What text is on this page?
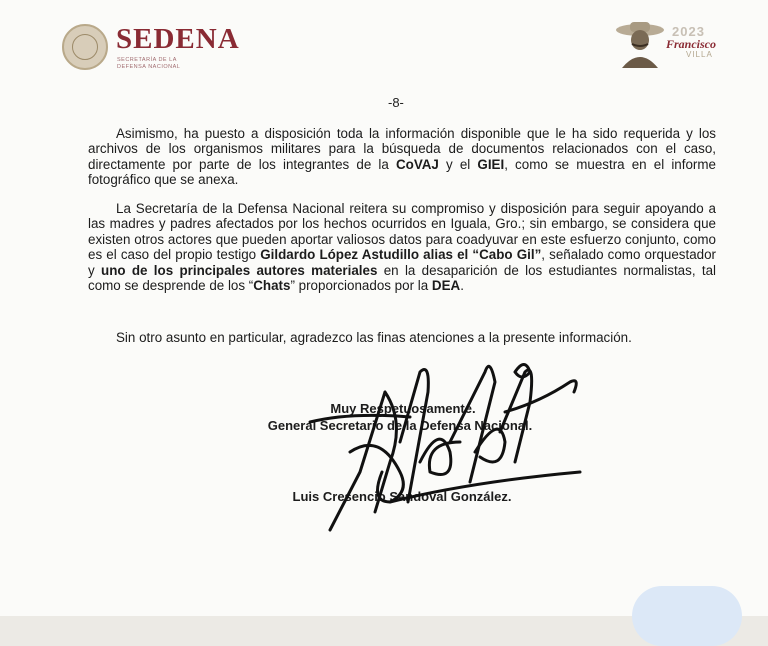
SEDENA
SECRETARÍA DE LA
DEFENSA NACIONAL
2023
Francisco
VILLA
-8-

Asimismo, ha puesto a disposición toda la información disponible que le ha sido requerida y los archivos de los organismos militares para la búsqueda de documentos relacionados con el caso, directamente por parte de los integrantes de la CoVAJ y el GIEI, como se muestra en el informe fotográfico que se anexa.

La Secretaría de la Defensa Nacional reitera su compromiso y disposición para seguir apoyando a las madres y padres afectados por los hechos ocurridos en Iguala, Gro.; sin embargo, se considera que existen otros actores que pueden aportar valiosos datos para coadyuvar en este esfuerzo conjunto, como es el caso del propio testigo Gildardo López Astudillo alias el “Cabo Gil”, señalado como orquestador y uno de los principales autores materiales en la desaparición de los estudiantes normalistas, tal como se desprende de los “Chats” proporcionados por la DEA.

Sin otro asunto en particular, agradezco las finas atenciones a la presente información.

Muy Respetuosamente.
General Secretario de la Defensa Nacional.
Luis Cresencio Sandoval González.
